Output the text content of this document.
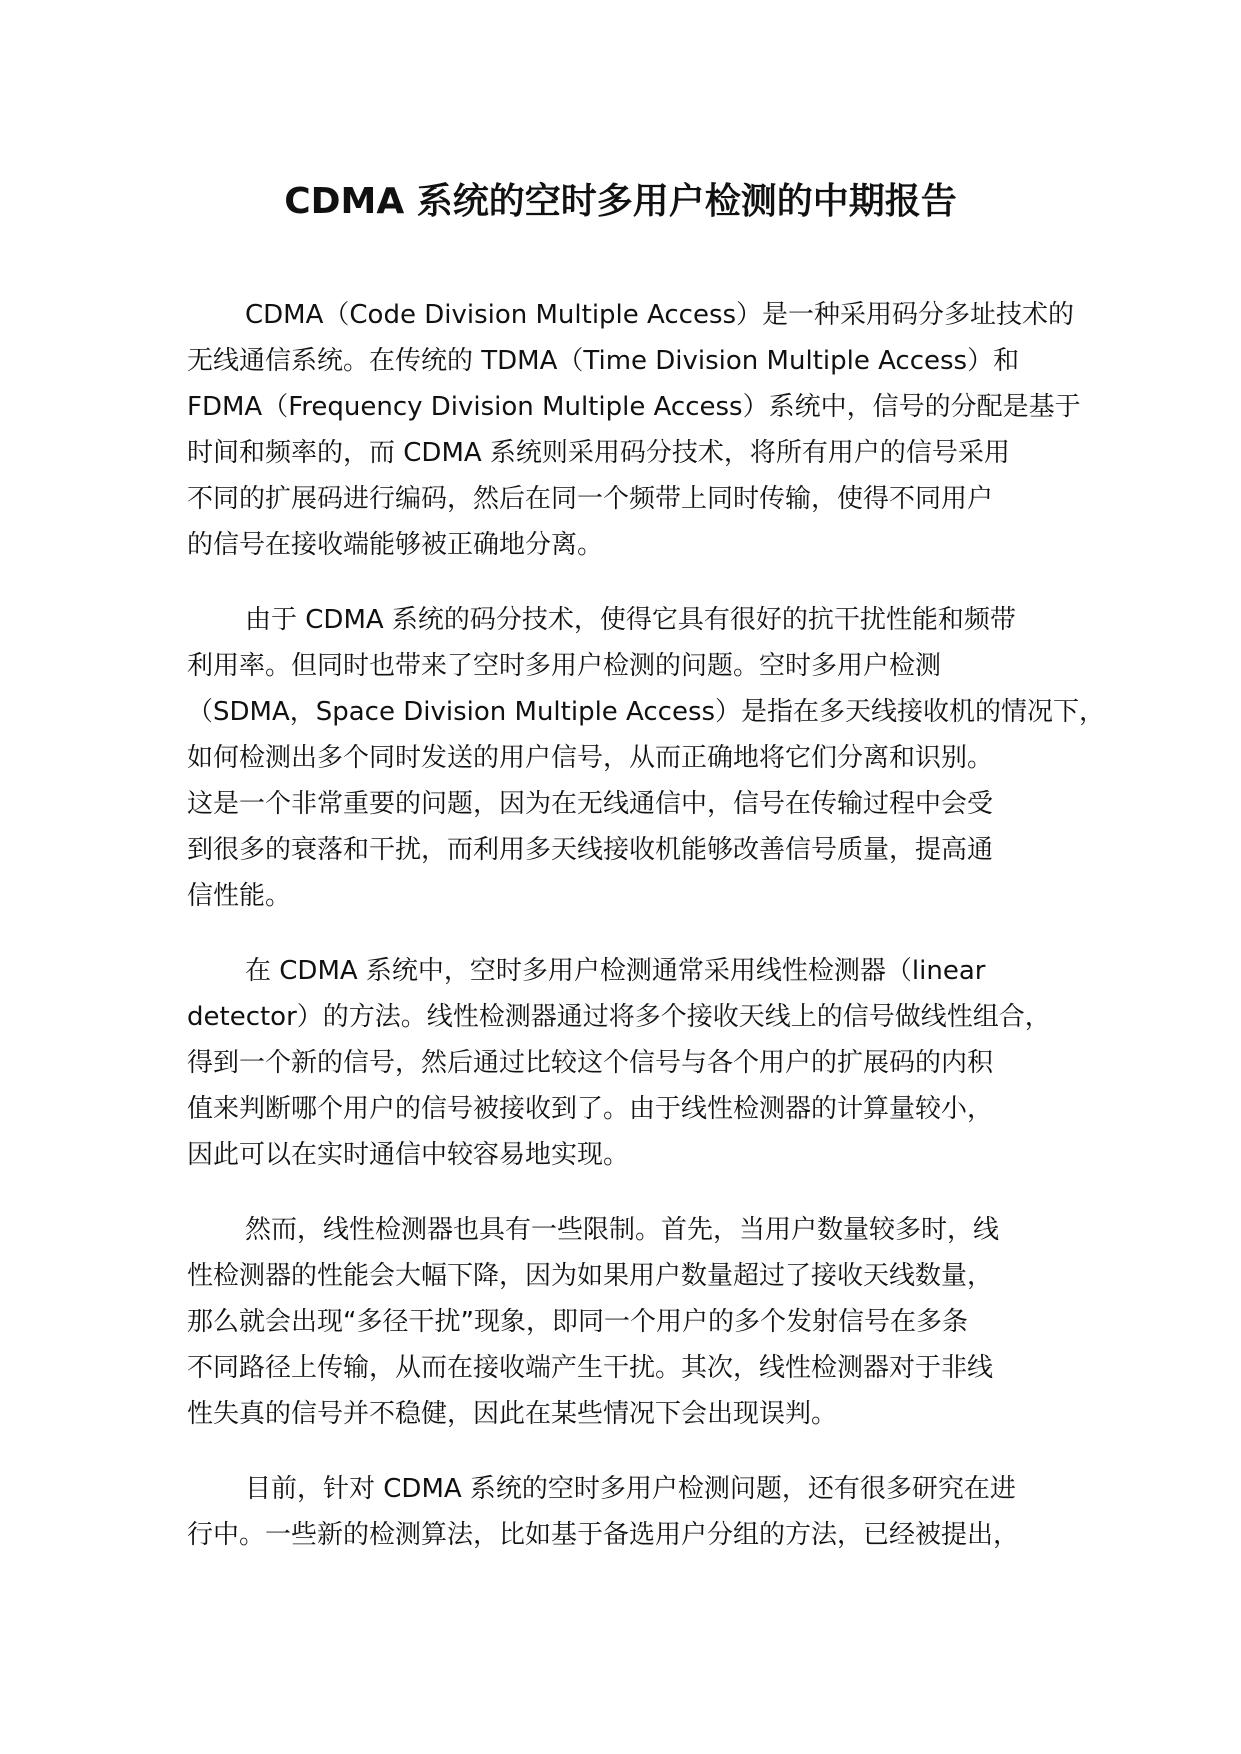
CDMA 系统的空时多用户检测的中期报告
CDMA（Code Division Multiple Access）是一种采用码分多址技术的
无线通信系统。在传统的 TDMA（Time Division Multiple Access）和
FDMA（Frequency Division Multiple Access）系统中，信号的分配是基于
时间和频率的，而 CDMA 系统则采用码分技术，将所有用户的信号采用
不同的扩展码进行编码，然后在同一个频带上同时传输，使得不同用户
的信号在接收端能够被正确地分离。
由于 CDMA 系统的码分技术，使得它具有很好的抗干扰性能和频带
利用率。但同时也带来了空时多用户检测的问题。空时多用户检测
（SDMA，Space Division Multiple Access）是指在多天线接收机的情况下，
如何检测出多个同时发送的用户信号，从而正确地将它们分离和识别。
这是一个非常重要的问题，因为在无线通信中，信号在传输过程中会受
到很多的衰落和干扰，而利用多天线接收机能够改善信号质量，提高通
信性能。
在 CDMA 系统中，空时多用户检测通常采用线性检测器（linear
detector）的方法。线性检测器通过将多个接收天线上的信号做线性组合，
得到一个新的信号，然后通过比较这个信号与各个用户的扩展码的内积
值来判断哪个用户的信号被接收到了。由于线性检测器的计算量较小，
因此可以在实时通信中较容易地实现。
然而，线性检测器也具有一些限制。首先，当用户数量较多时，线
性检测器的性能会大幅下降，因为如果用户数量超过了接收天线数量，
那么就会出现“多径干扰”现象，即同一个用户的多个发射信号在多条
不同路径上传输，从而在接收端产生干扰。其次，线性检测器对于非线
性失真的信号并不稳健，因此在某些情况下会出现误判。
目前，针对 CDMA 系统的空时多用户检测问题，还有很多研究在进
行中。一些新的检测算法，比如基于备选用户分组的方法，已经被提出，
